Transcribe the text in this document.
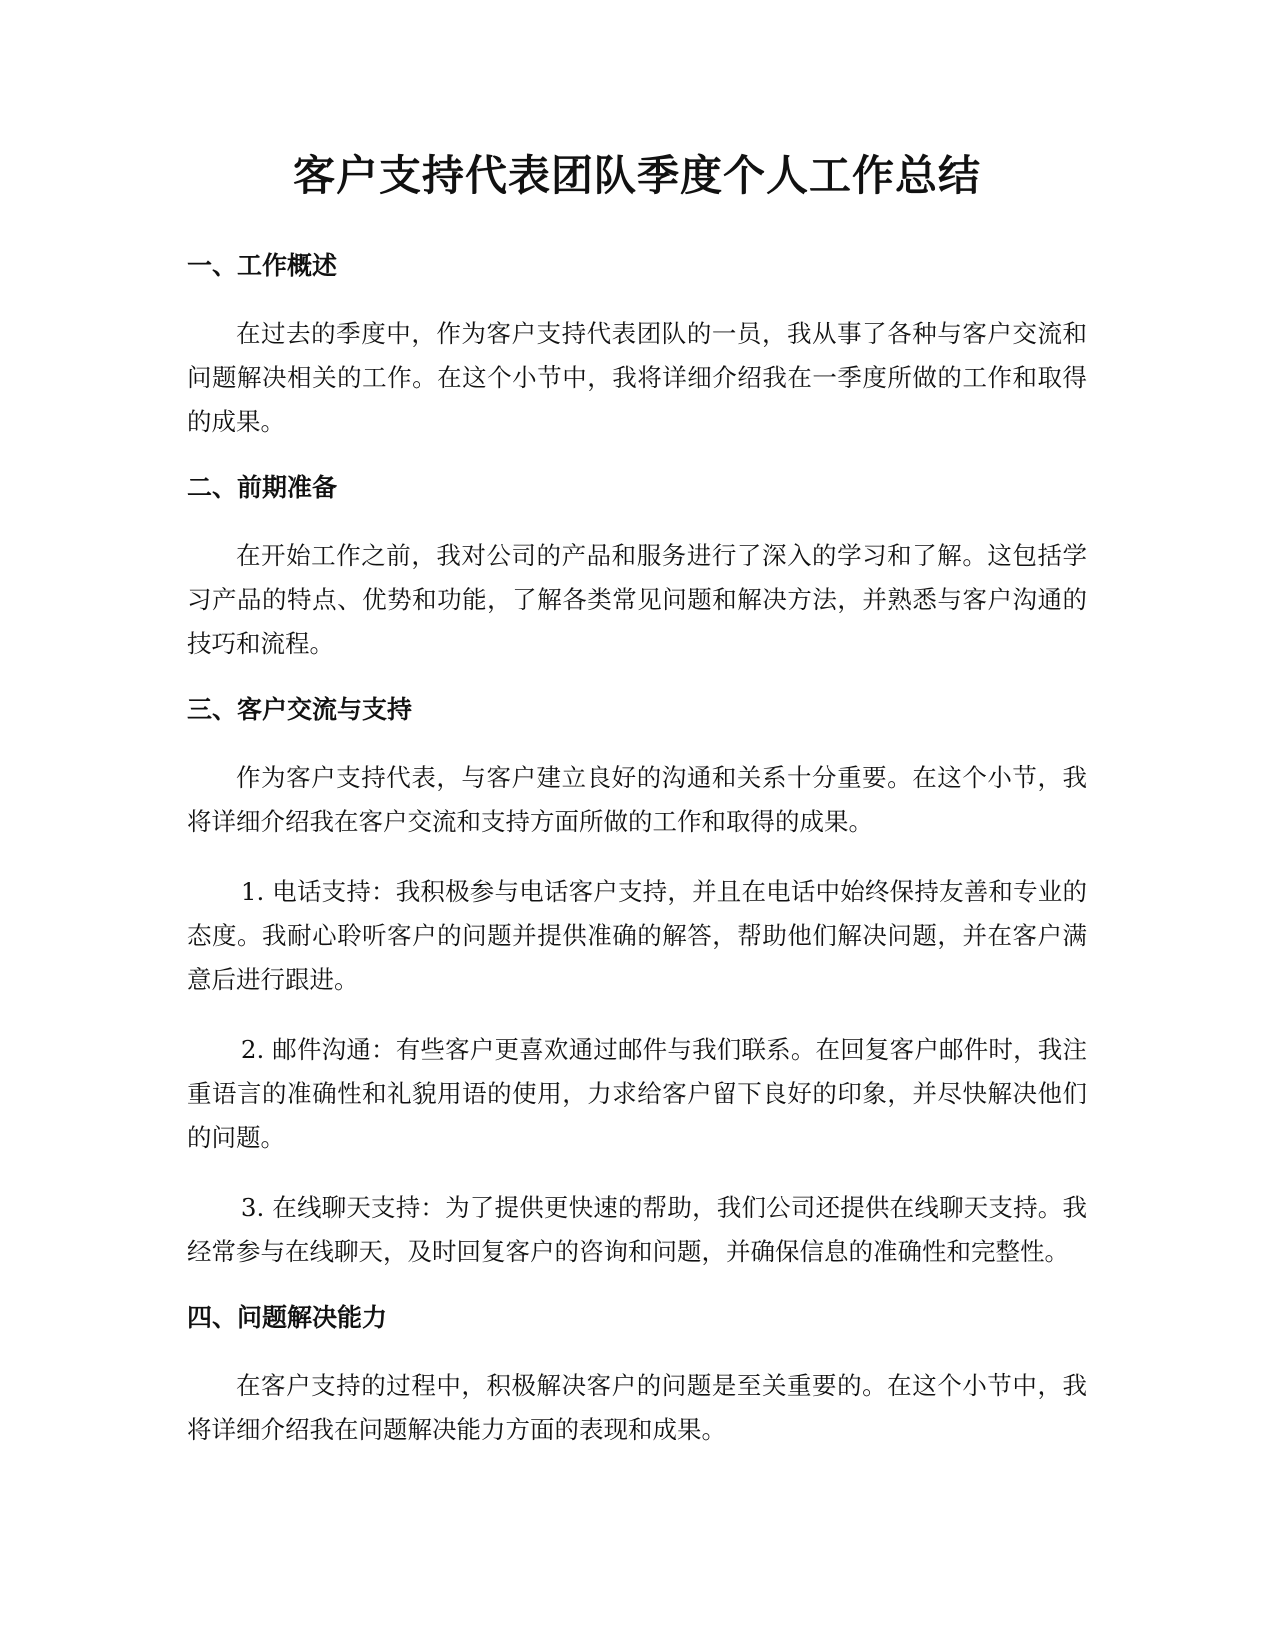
客户支持代表团队季度个人工作总结
一、工作概述

在过去的季度中，作为客户支持代表团队的一员，我从事了各种与客户交流和问题解决相关的工作。在这个小节中，我将详细介绍我在一季度所做的工作和取得的成果。

二、前期准备

在开始工作之前，我对公司的产品和服务进行了深入的学习和了解。这包括学习产品的特点、优势和功能，了解各类常见问题和解决方法，并熟悉与客户沟通的技巧和流程。

三、客户交流与支持

作为客户支持代表，与客户建立良好的沟通和关系十分重要。在这个小节，我将详细介绍我在客户交流和支持方面所做的工作和取得的成果。

1. 电话支持：我积极参与电话客户支持，并且在电话中始终保持友善和专业的态度。我耐心聆听客户的问题并提供准确的解答，帮助他们解决问题，并在客户满意后进行跟进。

2. 邮件沟通：有些客户更喜欢通过邮件与我们联系。在回复客户邮件时，我注重语言的准确性和礼貌用语的使用，力求给客户留下良好的印象，并尽快解决他们的问题。

3. 在线聊天支持：为了提供更快速的帮助，我们公司还提供在线聊天支持。我经常参与在线聊天，及时回复客户的咨询和问题，并确保信息的准确性和完整性。

四、问题解决能力

在客户支持的过程中，积极解决客户的问题是至关重要的。在这个小节中，我将详细介绍我在问题解决能力方面的表现和成果。
